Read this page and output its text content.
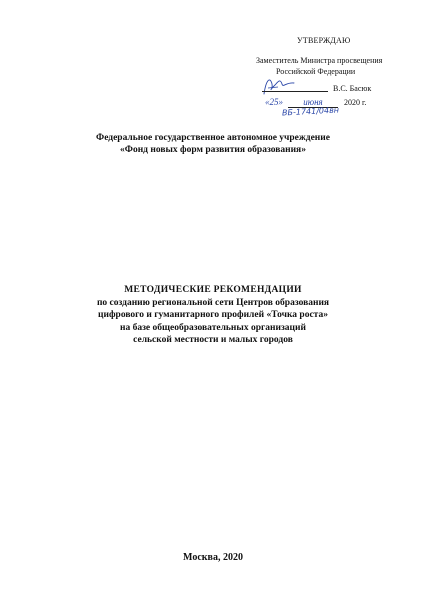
УТВЕРЖДАЮ
Заместитель Министра просвещения
Российской Федерации
В.С. Басюк
«25» июня	2020 г.
ВБ-1741/04вн
Федеральное государственное автономное учреждение
«Фонд новых форм развития образования»
МЕТОДИЧЕСКИЕ РЕКОМЕНДАЦИИ
по созданию региональной сети Центров образования
цифрового и гуманитарного профилей «Точка роста»
на базе общеобразовательных организаций
сельской местности и малых городов
Москва, 2020
